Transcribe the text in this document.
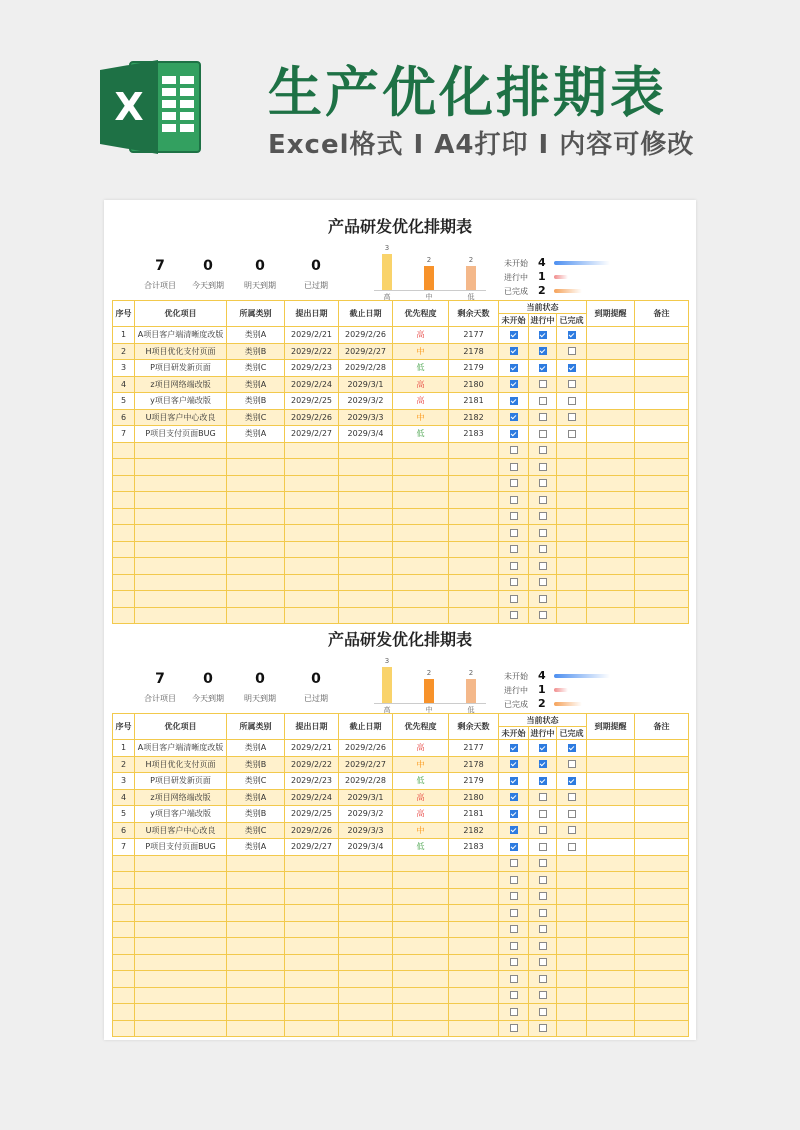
X 生产优化排期表
Excel格式 I A4打印 I 内容可修改
产品研发优化排期表
7
合计项目
0
今天到期
0
明天到期
0
已过期
3
高
2
中
2
低
未开始 4
进行中 1
已完成 2
序号	优化项目	所属类别	提出日期	截止日期	优先程度	剩余天数	当前状态			到期提醒	备注
							未开始	进行中	已完成		
1	A项目客户端清晰度改版	类别A	2029/2/21	2029/2/26	高	2177					
2	H项目优化支付页面	类别B	2029/2/22	2029/2/27	中	2178					
3	P项目研发新页面	类别C	2029/2/23	2029/2/28	低	2179					
4	z项目网络端改版	类别A	2029/2/24	2029/3/1	高	2180					
5	y项目客户端改版	类别B	2029/2/25	2029/3/2	高	2181					
6	U项目客户中心改良	类别C	2029/2/26	2029/3/3	中	2182					
7	P项目支付页面BUG	类别A	2029/2/27	2029/3/4	低	2183					

产品研发优化排期表
7
合计项目
0
今天到期
0
明天到期
0
已过期
3
高
2
中
2
低
未开始 4
进行中 1
已完成 2
序号	优化项目	所属类别	提出日期	截止日期	优先程度	剩余天数	当前状态			到期提醒	备注
							未开始	进行中	已完成		
1	A项目客户端清晰度改版	类别A	2029/2/21	2029/2/26	高	2177					
2	H项目优化支付页面	类别B	2029/2/22	2029/2/27	中	2178					
3	P项目研发新页面	类别C	2029/2/23	2029/2/28	低	2179					
4	z项目网络端改版	类别A	2029/2/24	2029/3/1	高	2180					
5	y项目客户端改版	类别B	2029/2/25	2029/3/2	高	2181					
6	U项目客户中心改良	类别C	2029/2/26	2029/3/3	中	2182					
7	P项目支付页面BUG	类别A	2029/2/27	2029/3/4	低	2183					
